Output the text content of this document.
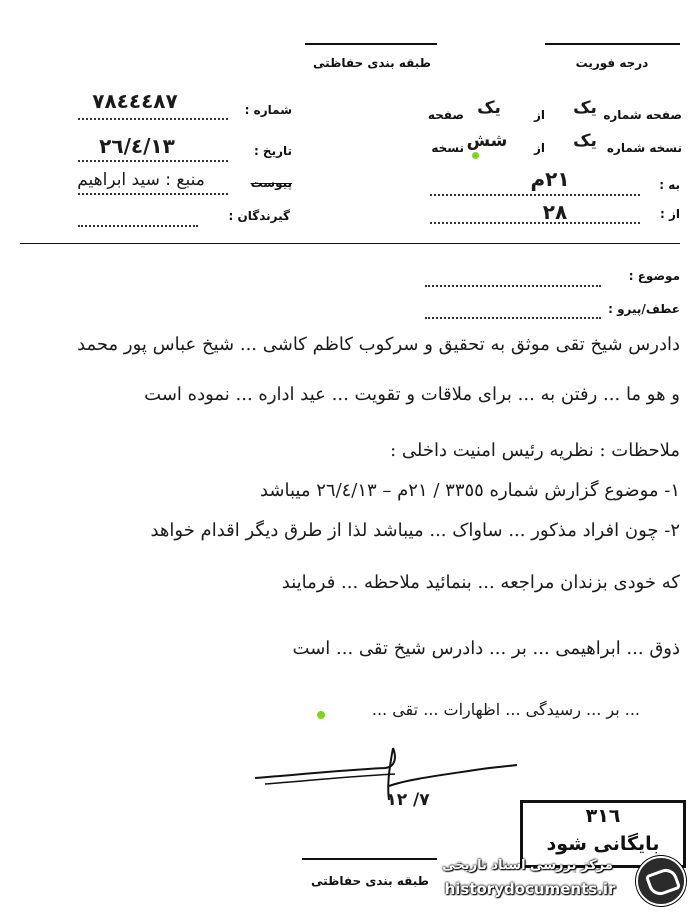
طبقه بندی حفاظتی	درجه فوریت
شماره :
٧٨٤٤٤٨٧
تاریخ :
٢٦/٤/١٣
پیوست
منبع : سید ابراهیم
گیرندگان :
صفحه شماره
یک
از
یک
صفحه
نسخه شماره
یک
از
شش
نسخه
به :
٢١م
از :
٢٨
موضوع :
عطف/پیرو :
دادرس شیخ تقی موثق به تحقیق و سرکوب کاظم کاشی ... شیخ عباس پور محمد
و هو ما ... رفتن به ... برای ملاقات و تقویت ... عید اداره ... نموده است
ملاحظات : نظریه رئیس امنیت داخلی :
١- موضوع گزارش شماره ٣٣٥٥ / ٢١م – ٢٦/٤/١٣ میباشد
٢- چون افراد مذکور ... ساواک ... میباشد لذا از طرق دیگر اقدام خواهد
که خودی بزندان مراجعه ... بنمائید ملاحظه ... فرمایند
ذوق ... ابراهیمی ... بر ... دادرس شیخ تقی ... است
... بر ... رسیدگی ... اظهارات ... تقی ...
٧/ ١٢
٣١٦
بایگانی شود
طبقه بندی حفاظتی
مرکز بررسی اسناد تاریخی
historydocuments.ir
